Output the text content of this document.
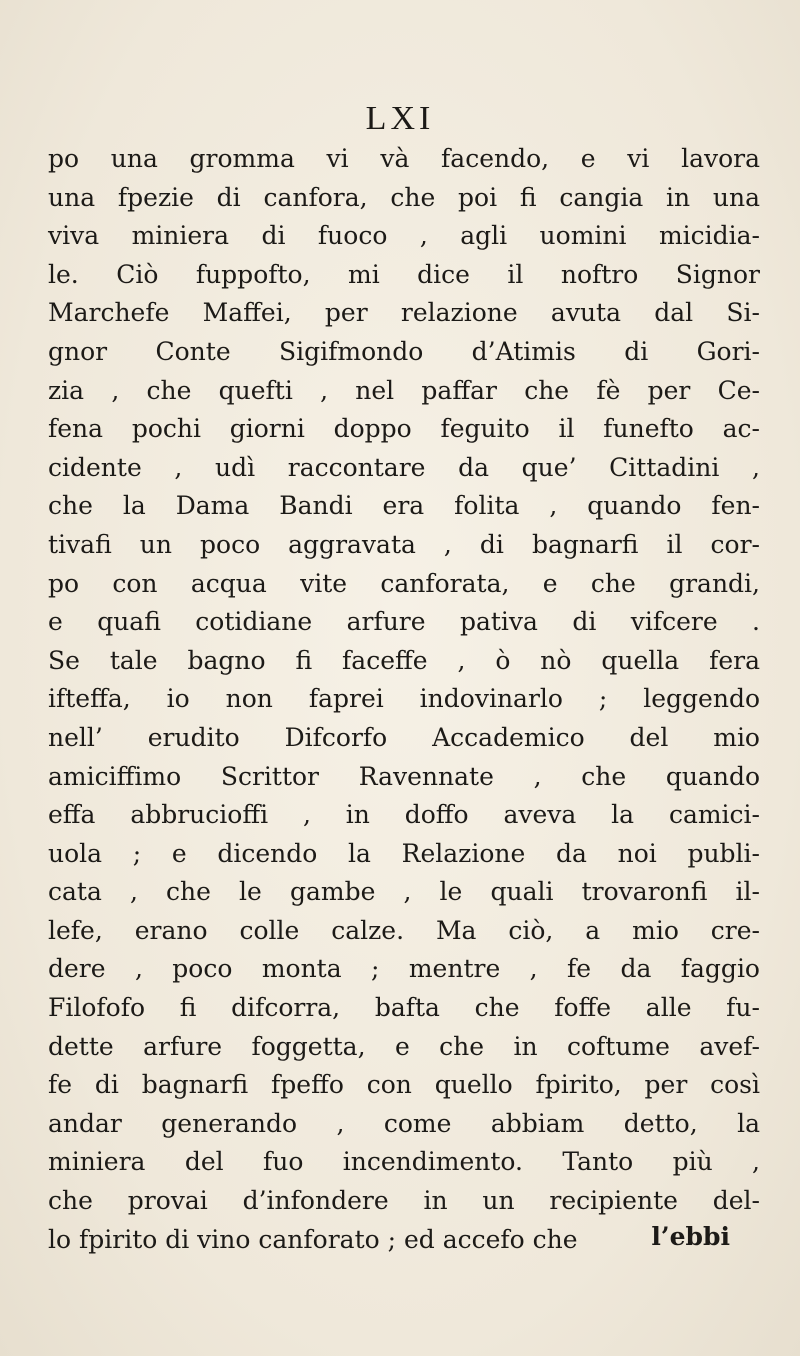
LXI
po una gromma vi và facendo, e vi lavora
una fpezie di canfora, che poi fi cangia in una
viva miniera di fuoco , agli uomini micidia-
le. Ciò fuppofto, mi dice il noftro Signor
Marchefe Maffei, per relazione avuta dal Si-
gnor Conte Sigifmondo d’Atimis di Gori-
zia , che quefti , nel paffar che fè per Ce-
fena pochi giorni doppo feguito il funefto ac-
cidente , udì raccontare da que’ Cittadini ,
che la Dama Bandi era folita , quando fen-
tivafi un poco aggravata , di bagnarfi il cor-
po con acqua vite canforata, e che grandi,
e quafi cotidiane arfure pativa di vifcere .
Se tale bagno fi faceffe , ò nò quella fera
ifteffa, io non faprei indovinarlo ; leggendo
nell’ erudito Difcorfo Accademico del mio
amiciffimo Scrittor Ravennate , che quando
effa abbrucioffi , in doffo aveva la camici-
uola ; e dicendo la Relazione da noi publi-
cata , che le gambe , le quali trovaronfi il-
lefe, erano colle calze. Ma ciò, a mio cre-
dere , poco monta ; mentre , fe da faggio
Filofofo fi difcorra, bafta che foffe alle fu-
dette arfure foggetta, e che in coftume avef-
fe di bagnarfi fpeffo con quello fpirito, per così
andar generando , come abbiam detto, la
miniera del fuo incendimento. Tanto più ,
che provai d’infondere in un recipiente del-
lo fpirito di vino canforato ; ed accefo che	l’ebbi
